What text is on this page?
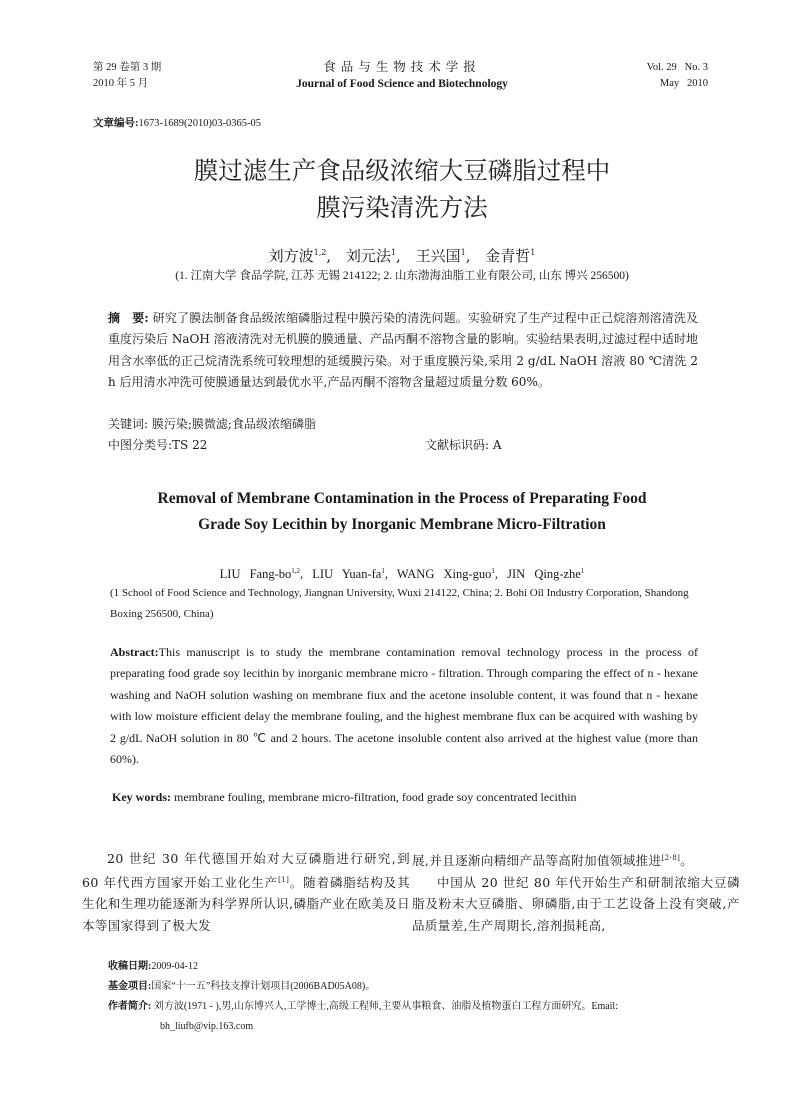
第 29 卷第 3 期
2010 年 5 月
食品与生物技术学报
Journal of Food Science and Biotechnology
Vol. 29   No. 3
May   2010
文章编号:1673-1689(2010)03-0365-05
膜过滤生产食品级浓缩大豆磷脂过程中
膜污染清洗方法
刘方波$^{1,2}$, 刘元法$^1$, 王兴国$^1$, 金青哲$^1$
(1. 江南大学 食品学院, 江苏 无锡 214122; 2. 山东渤海油脂工业有限公司, 山东 博兴 256500)
摘　要: 研究了膜法制备食品级浓缩磷脂过程中膜污染的清洗问题。实验研究了生产过程中正己烷溶剂溶清洗及重度污染后 NaOH 溶液清洗对无机膜的膜通量、产品丙酮不溶物含量的影响。实验结果表明,过滤过程中适时地用含水率低的正己烷清洗系统可较理想的延缓膜污染。对于重度膜污染,采用 2 g/dL NaOH 溶液 80 ℃清洗 2 h 后用清水冲洗可使膜通量达到最优水平,产品丙酮不溶物含量超过质量分数 60%。
关键词: 膜污染;膜微滤;食品级浓缩磷脂
中图分类号:TS 22	文献标识码: A
Removal of Membrane Contamination in the Process of Preparating Food
Grade Soy Lecithin by Inorganic Membrane Micro-Filtration
LIU Fang-bo$^{1,2}$, LIU Yuan-$fa^1$, WANG Xing-guo$^1$, JIN Qing-zhe$^1$
(1 School of Food Science and Technology, Jiangnan University, Wuxi 214122, China; 2. Bohi Oil Industry Corporation, Shandong Boxing 256500, China)
Abstract:This manuscript is to study the membrane contamination removal technology process in the process of preparating food grade soy lecithin by inorganic membrane micro - filtration. Through comparing the effect of n - hexane washing and NaOH solution washing on membrane fiux and the acetone insoluble content, it was found that n - hexane with low moisture efficient delay the membrane fouling, and the highest membrane flux can be acquired with washing by 2 g/dL NaOH solution in 80 ℃ and 2 hours. The acetone insoluble content also arrived at the highest value (more than 60%).
Key words: membrane fouling, membrane micro-filtration, food grade soy concentrated lecithin

20 世纪 30 年代德国开始对大豆磷脂进行研究,到 60 年代西方国家开始工业化生产[1]。随着磷脂结构及其生化和生理功能逐渐为科学界所认识,磷脂产业在欧美及日本等国家得到了极大发

展,并且逐渐向精细产品等高附加值领域推进[2-8]。

中国从 20 世纪 80 年代开始生产和研制浓缩大豆磷脂及粉末大豆磷脂、卵磷脂,由于工艺设备上没有突破,产品质量差,生产周期长,溶剂损耗高,

收稿日期:2009-04-12
基金项目:国家“十一五”科技支撑计划项目(2006BAD05A08)。
作者简介: 刘方波(1971 - ),男,山东博兴人,工学博士,高级工程师,主要从事粮食、油脂及植物蛋白工程方面研究。Email: bh_liufb@vip.163.com
